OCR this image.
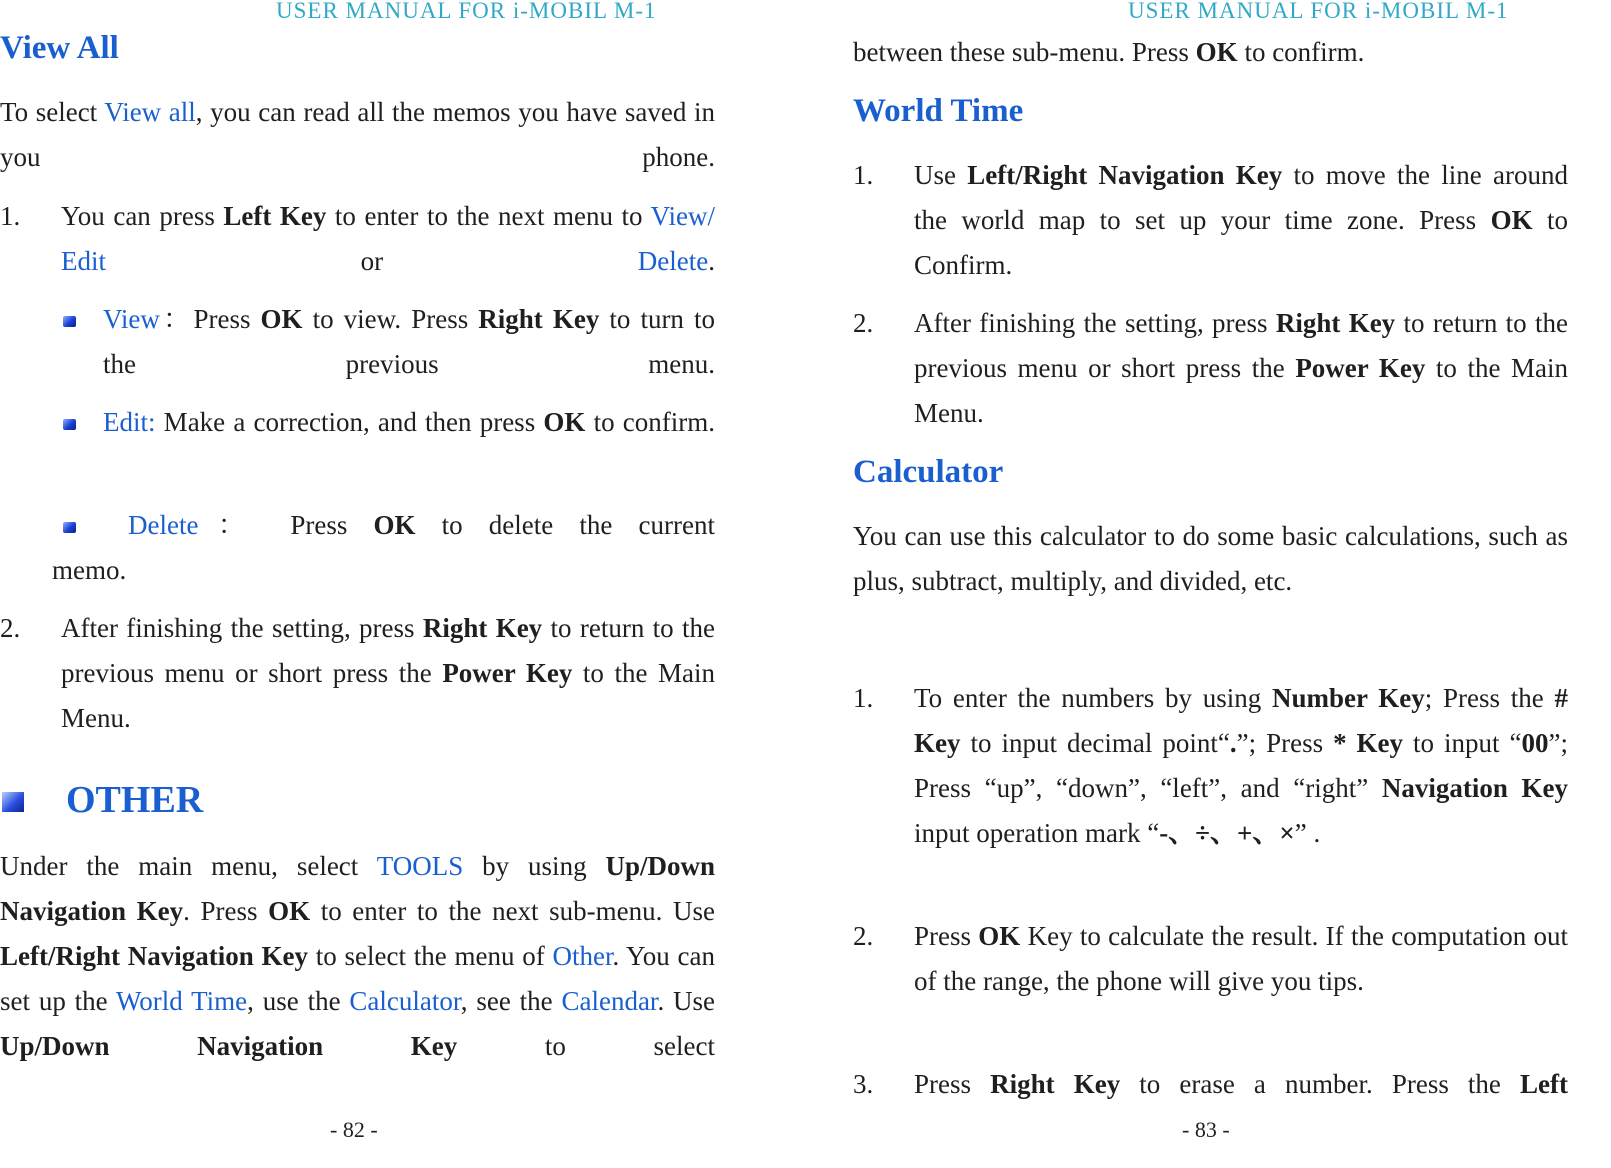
USER MANUAL FOR i-MOBIL M-1
View All
To select View all, you can read all the memos you have saved in you phone.
1. You can press Left Key to enter to the next menu to View/ Edit or Delete.
View：Press OK to view. Press Right Key to turn to the previous menu.
Edit: Make a correction, and then press OK to confirm.
Delete： Press OK to delete the current
memo.
2. After finishing the setting, press Right Key to return to the previous menu or short press the Power Key to the Main Menu.
OTHER
Under the main menu, select TOOLS by using Up/Down Navigation Key. Press OK to enter to the next sub-menu. Use Left/Right Navigation Key to select the menu of Other. You can set up the World Time, use the Calculator, see the Calendar. Use Up/Down Navigation Key to select
- 82 -
USER MANUAL FOR i-MOBIL M-1
between these sub-menu. Press OK to confirm.
World Time
1. Use Left/Right Navigation Key to move the line around the world map to set up your time zone. Press OK to Confirm.
2. After finishing the setting, press Right Key to return to the previous menu or short press the Power Key to the Main Menu.
Calculator
You can use this calculator to do some basic calculations, such as plus, subtract, multiply, and divided, etc.
1. To enter the numbers by using Number Key; Press the # Key to input decimal point“.”; Press * Key to input “00”; Press “up”, “down”, “left”, and “right” Navigation Key input operation mark “-、÷、+、×” .
2. Press OK Key to calculate the result. If the computation out of the range, the phone will give you tips.
3. Press Right Key to erase a number. Press the Left
- 83 -
